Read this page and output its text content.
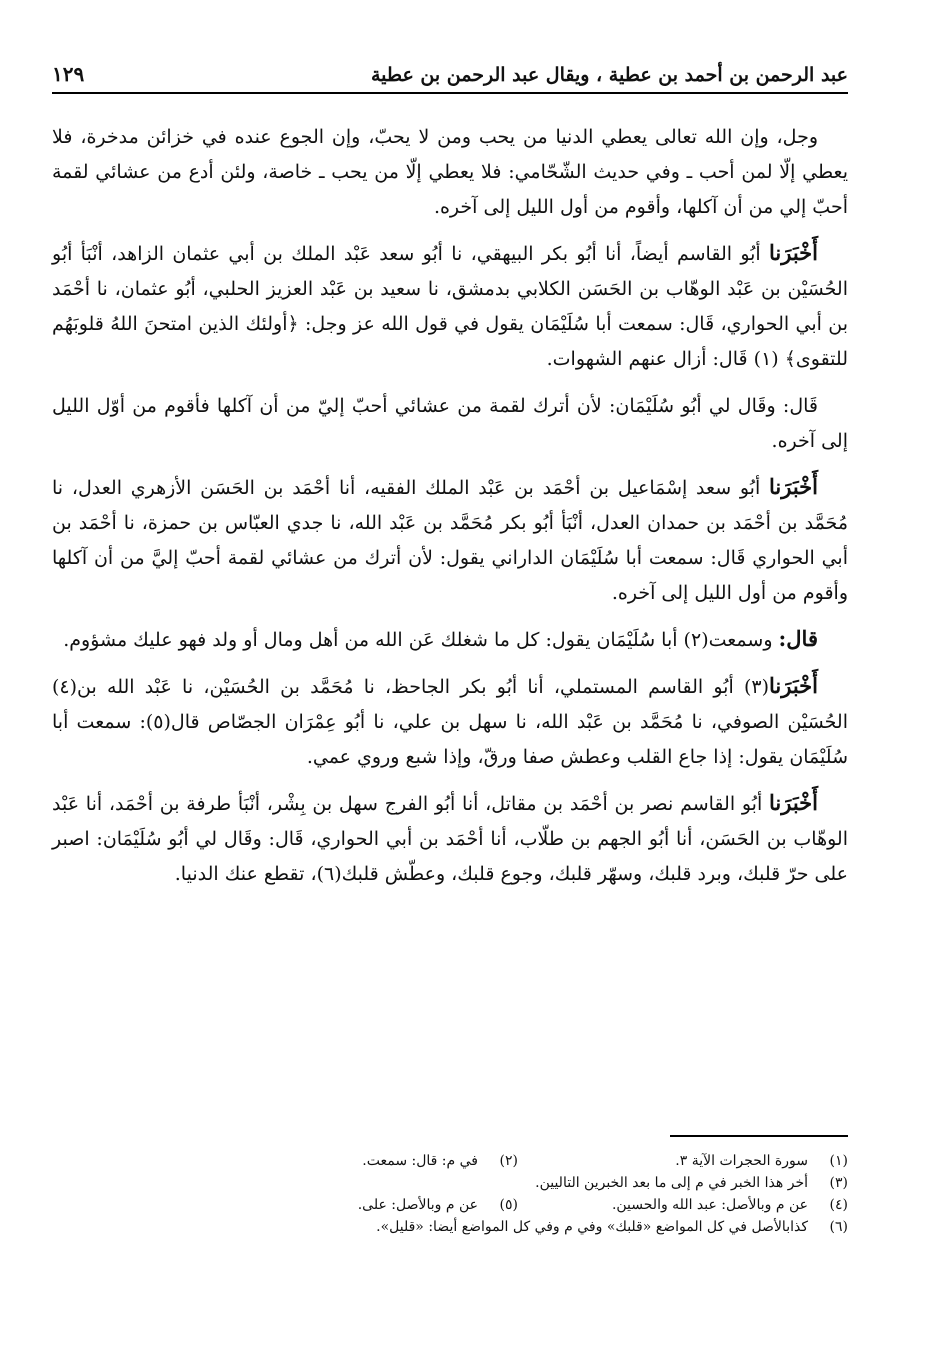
عبد الرحمن بن أحمد بن عطية ، ويقال عبد الرحمن بن عطية
١٢٩

وجل، وإن الله تعالى يعطي الدنيا من يحب ومن لا يحبّ، وإن الجوع عنده في خزائن مدخرة، فلا يعطي إلّا لمن أحب ـ وفي حديث الشّحّامي: فلا يعطي إلّا من يحب ـ خاصة، ولئن أدع من عشائي لقمة أحبّ إلي من أن آكلها، وأقوم من أول الليل إلى آخره.

أَخْبَرَنا أبُو القاسم أيضاً، أنا أبُو بكر البيهقي، نا أبُو سعد عَبْد الملك بن أبي عثمان الزاهد، أنْبَأ أبُو الحُسَيْن بن عَبْد الوهّاب بن الحَسَن الكلابي بدمشق، نا سعيد بن عَبْد العزيز الحلبي، أبُو عثمان، نا أحْمَد بن أبي الحواري، قَال: سمعت أبا سُلَيْمَان يقول في قول الله عز وجل: ﴿أولئك الذين امتحنَ اللهُ قلوبَهُم للتقوى﴾ (١) قَال: أزال عنهم الشهوات.

قَال: وقَال لي أبُو سُلَيْمَان: لأن أترك لقمة من عشائي أحبّ إليّ من أن آكلها فأقوم من أوّل الليل إلى آخره.

أَخْبَرَنا أبُو سعد إسْمَاعيل بن أحْمَد بن عَبْد الملك الفقيه، أنا أحْمَد بن الحَسَن الأزهري العدل، نا مُحَمَّد بن أحْمَد بن حمدان العدل، أنْبَأ أبُو بكر مُحَمَّد بن عَبْد الله، نا جدي العبّاس بن حمزة، نا أحْمَد بن أبي الحواري قَال: سمعت أبا سُلَيْمَان الداراني يقول: لأن أترك من عشائي لقمة أحبّ إليَّ من أن آكلها وأقوم من أول الليل إلى آخره.

قال: وسمعت(٢) أبا سُلَيْمَان يقول: كل ما شغلك عَن الله من أهل ومال أو ولد فهو عليك مشؤوم.

أَخْبَرَنا(٣) أبُو القاسم المستملي، أنا أبُو بكر الجاحظ، نا مُحَمَّد بن الحُسَيْن، نا عَبْد الله بن(٤) الحُسَيْن الصوفي، نا مُحَمَّد بن عَبْد الله، نا سهل بن علي، نا أبُو عِمْرَان الجصّاص قال(٥): سمعت أبا سُلَيْمَان يقول: إذا جاع القلب وعطش صفا ورقّ، وإذا شبع وروي عمي.

أَخْبَرَنا أبُو القاسم نصر بن أحْمَد بن مقاتل، أنا أبُو الفرج سهل بن بِشْر، أنْبَأ طرفة بن أحْمَد، أنا عَبْد الوهّاب بن الحَسَن، أنا أبُو الجهم بن طلّاب، أنا أحْمَد بن أبي الحواري، قَال: وقَال لي أبُو سُلَيْمَان: اصبر على حرّ قلبك، وبرد قلبك، وسهّر قلبك، وجوع قلبك، وعطّش قلبك(٦)، تقطع عنك الدنيا.

(١)
سورة الحجرات الآية ٣.
(٢)
في م: قال: سمعت.
(٣)
أخر هذا الخبر في م إلى ما بعد الخبرين التاليين.
(٤)
عن م وبالأصل: عبد الله والحسين.
(٥)
عن م وبالأصل: على.
(٦)
كذابالأصل في كل المواضع «قلبك» وفي م وفي كل المواضع أيضا: «قليل».
